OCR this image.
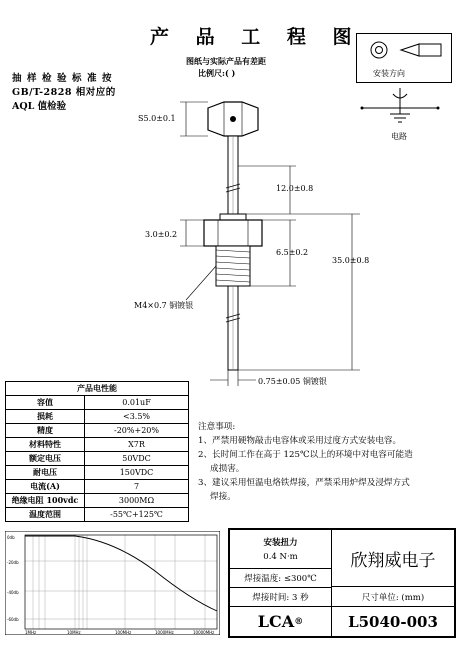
产 品 工 程 图
图纸与实际产品有差距
比例尺:( )
抽样检验标准按
GB/T-2828 相对应的
AQL 值检验
安装方向
电路
S5.0±0.1
12.0±0.8
3.0±0.2
6.5±0.2
35.0±0.8
M4×0.7 铜镀银
0.75±0.05 铜镀银
产品电性能	
容值	0.01uF
损耗	<3.5%
精度	-20%+20%
材料特性	X7R
额定电压	50VDC
耐电压	150VDC
电流(A)	7
绝缘电阻 100vdc	3000MΩ
温度范围	-55℃+125℃

注意事项:

1、严禁用硬物敲击电容体或采用过度方式安装电容。

2、长时间工作在高于 125℃以上的环境中对电容可能造

成损害。

3、建议采用恒温电烙铁焊接，严禁采用炉焊及浸焊方式

焊接。

0db
-20db
-40db
-60db
1MHz	10MHz	100MHz	1000MHz	10000MHz
安装扭力
0.4 N·m
焊接温度: ≤300℃
焊接时间: 3 秒
欣翔威电子
尺寸单位: (mm)
LCA ®	L5040-003
